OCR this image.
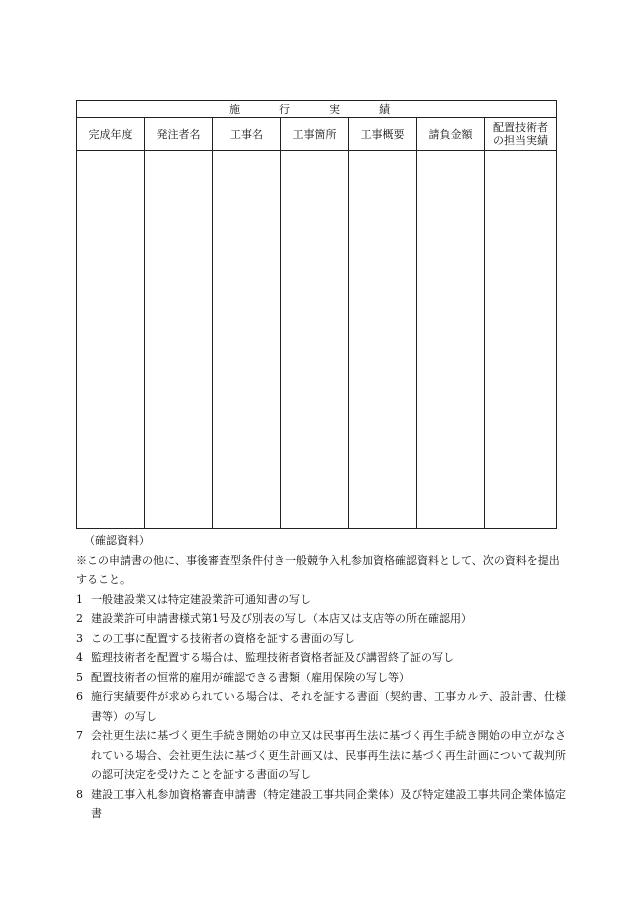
施　行　実　績						
完成年度	発注者名	工事名	工事箇所	工事概要	請負金額	配置技術者
の担当実績

（確認資料）
※この申請書の他に、事後審査型条件付き一般競争入札参加資格確認資料として、次の資料を提出すること。
1 一般建設業又は特定建設業許可通知書の写し
2 建設業許可申請書様式第1号及び別表の写し（本店又は支店等の所在確認用）
3 この工事に配置する技術者の資格を証する書面の写し
4 監理技術者を配置する場合は、監理技術者資格者証及び講習終了証の写し
5 配置技術者の恒常的雇用が確認できる書類（雇用保険の写し等）
6 施行実績要件が求められている場合は、それを証する書面（契約書、工事カルテ、設計書、仕様書等）の写し
7 会社更生法に基づく更生手続き開始の申立又は民事再生法に基づく再生手続き開始の申立がなされている場合、会社更生法に基づく更生計画又は、民事再生法に基づく再生計画について裁判所の認可決定を受けたことを証する書面の写し
8 建設工事入札参加資格審査申請書（特定建設工事共同企業体）及び特定建設工事共同企業体協定書
